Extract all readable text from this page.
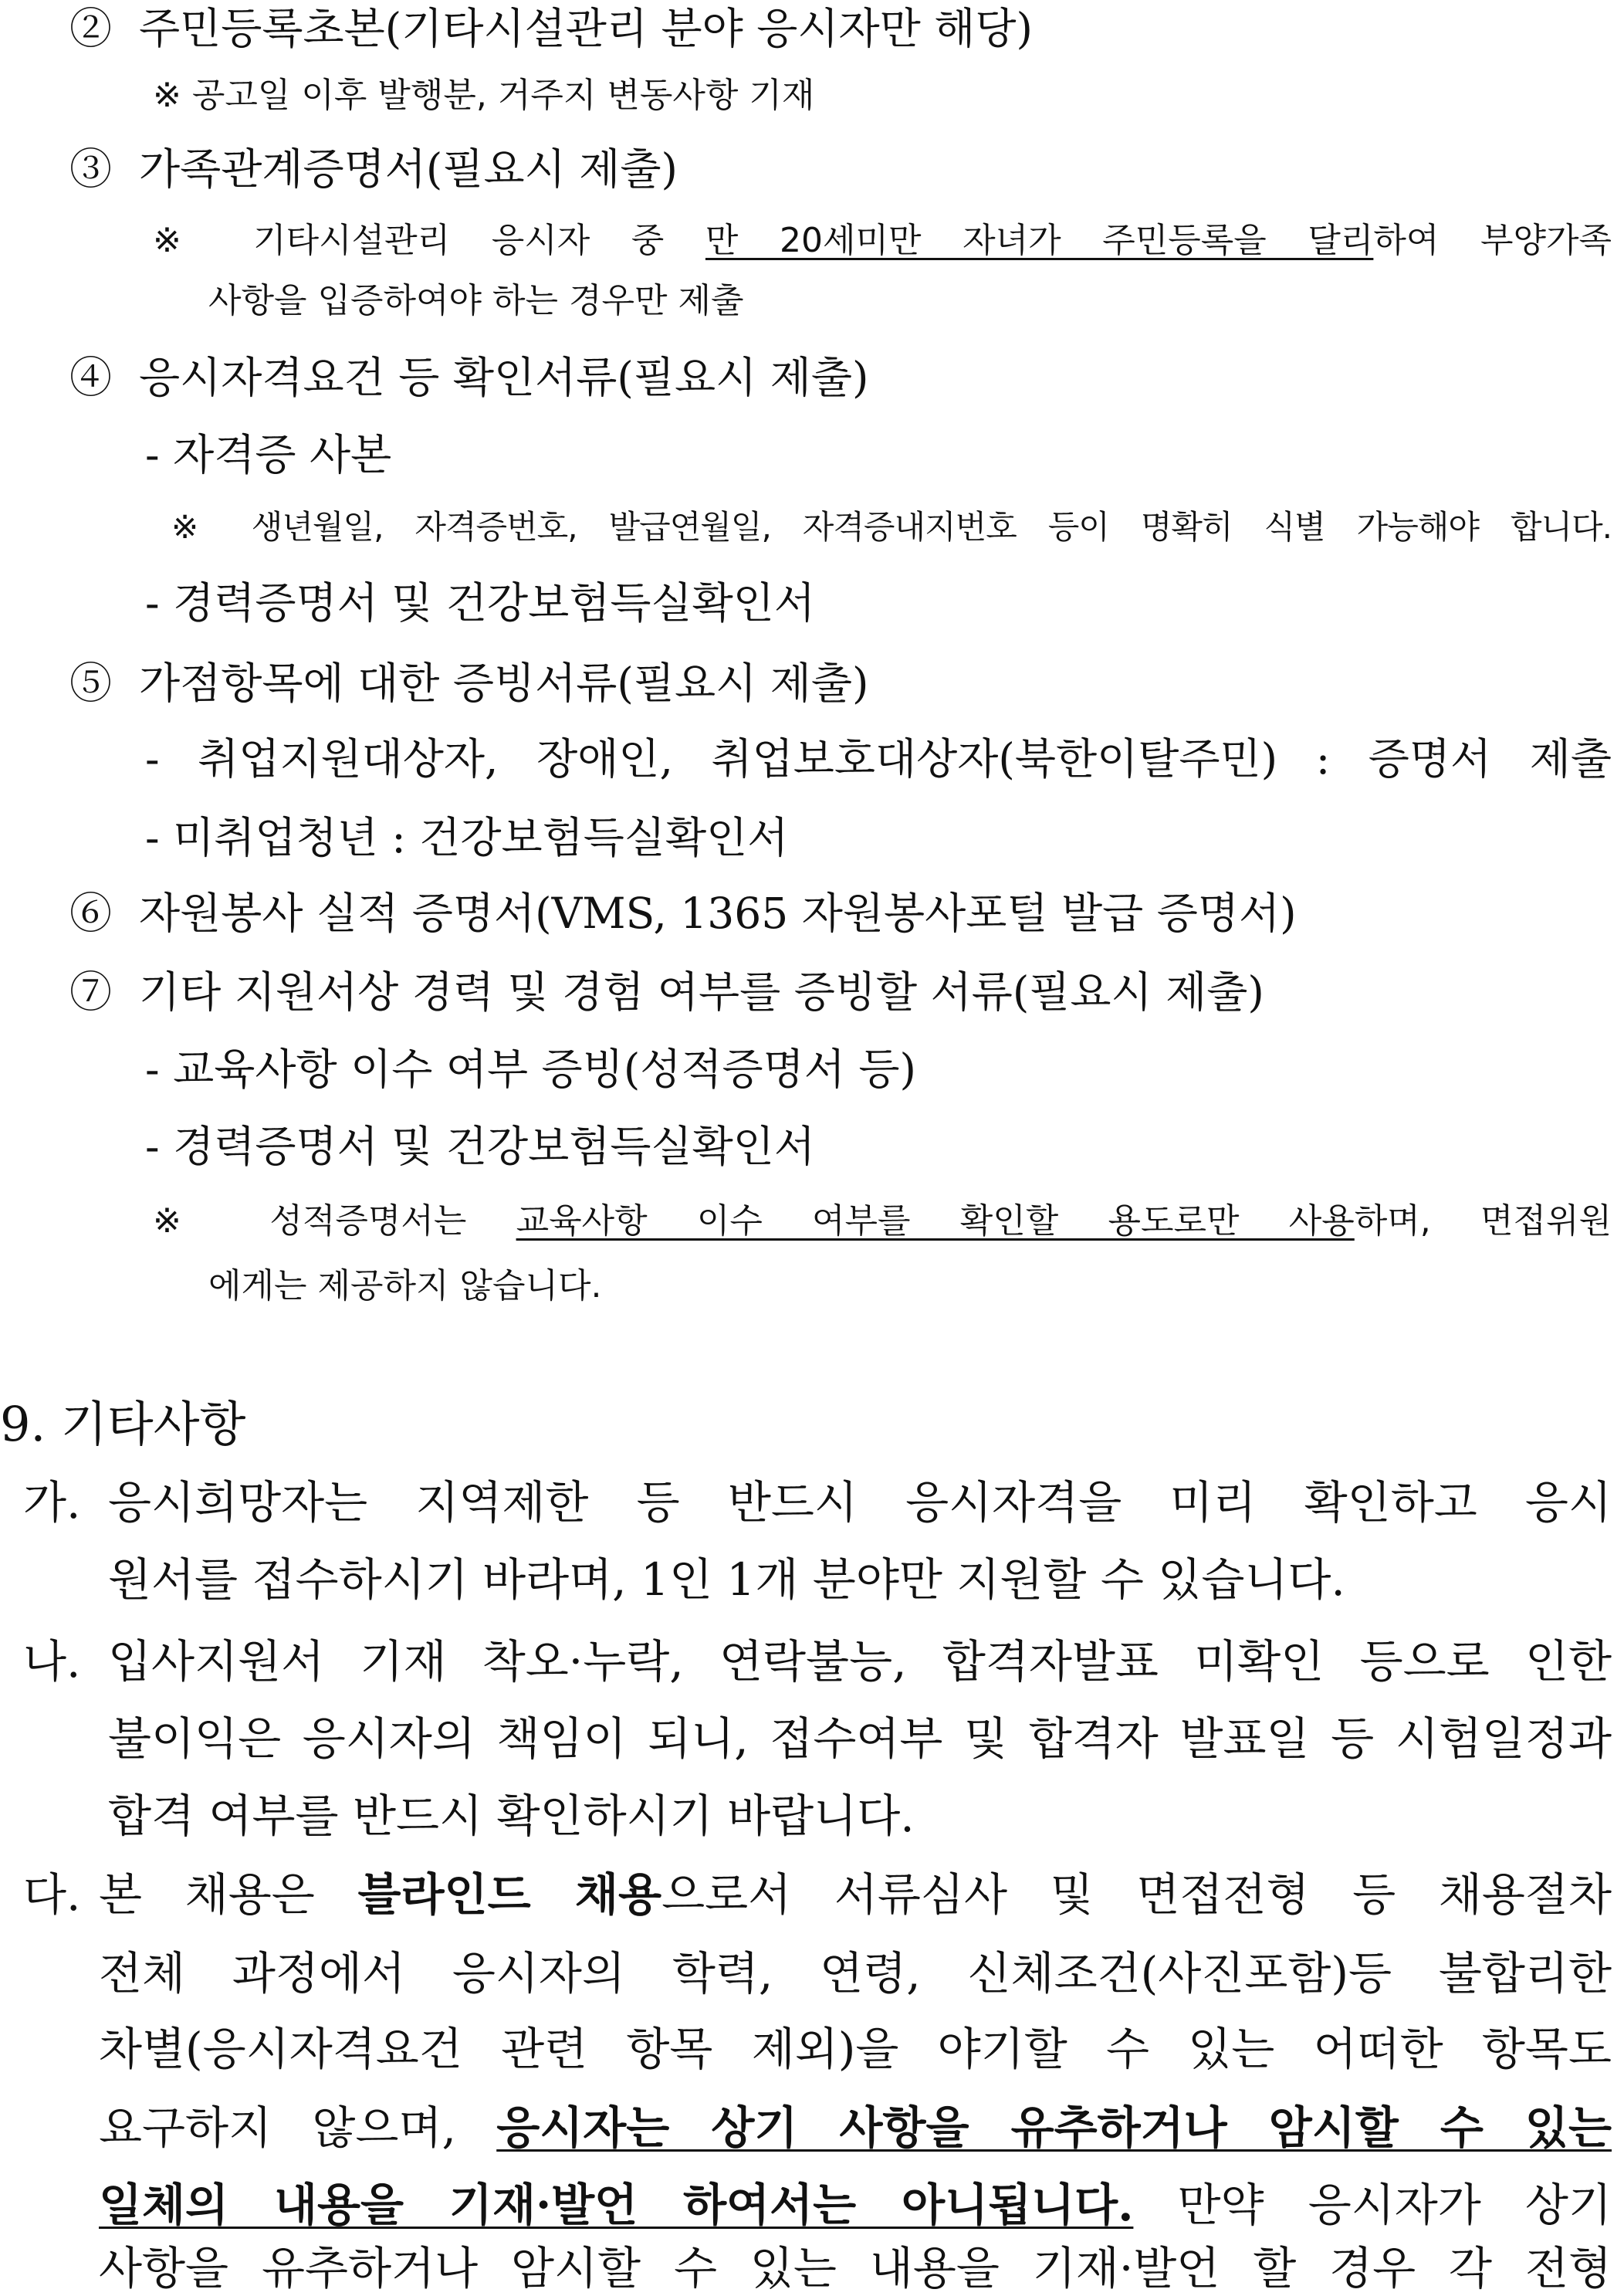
② 주민등록초본(기타시설관리 분야 응시자만 해당)
※ 공고일 이후 발행분, 거주지 변동사항 기재
③ 가족관계증명서(필요시 제출)
※ 기타시설관리 응시자 중 만 20세미만 자녀가 주민등록을 달리하여 부양가족
사항을 입증하여야 하는 경우만 제출
④ 응시자격요건 등 확인서류(필요시 제출)
- 자격증 사본
※ 생년월일, 자격증번호, 발급연월일, 자격증내지번호 등이 명확히 식별 가능해야 합니다.
- 경력증명서 및 건강보험득실확인서
⑤ 가점항목에 대한 증빙서류(필요시 제출)
- 취업지원대상자, 장애인, 취업보호대상자(북한이탈주민) : 증명서 제출
- 미취업청년 : 건강보험득실확인서
⑥ 자원봉사 실적 증명서(VMS, 1365 자원봉사포털 발급 증명서)
⑦ 기타 지원서상 경력 및 경험 여부를 증빙할 서류(필요시 제출)
- 교육사항 이수 여부 증빙(성적증명서 등)
- 경력증명서 및 건강보험득실확인서
※ 성적증명서는 교육사항 이수 여부를 확인할 용도로만 사용하며, 면접위원
에게는 제공하지 않습니다.
9. 기타사항
가. 응시희망자는 지역제한 등 반드시 응시자격을 미리 확인하고 응시
원서를 접수하시기 바라며, 1인 1개 분야만 지원할 수 있습니다.
나. 입사지원서 기재 착오·누락, 연락불능, 합격자발표 미확인 등으로 인한
불이익은 응시자의 책임이 되니, 접수여부 및 합격자 발표일 등 시험일정과
합격 여부를 반드시 확인하시기 바랍니다.
다. 본 채용은 블라인드 채용으로서 서류심사 및 면접전형 등 채용절차
전체 과정에서 응시자의 학력, 연령, 신체조건(사진포함)등 불합리한
차별(응시자격요건 관련 항목 제외)을 야기할 수 있는 어떠한 항목도
요구하지 않으며, 응시자는 상기 사항을 유추하거나 암시할 수 있는
일체의 내용을 기재·발언 하여서는 아니됩니다. 만약 응시자가 상기
사항을 유추하거나 암시할 수 있는 내용을 기재·발언 할 경우 각 전형
